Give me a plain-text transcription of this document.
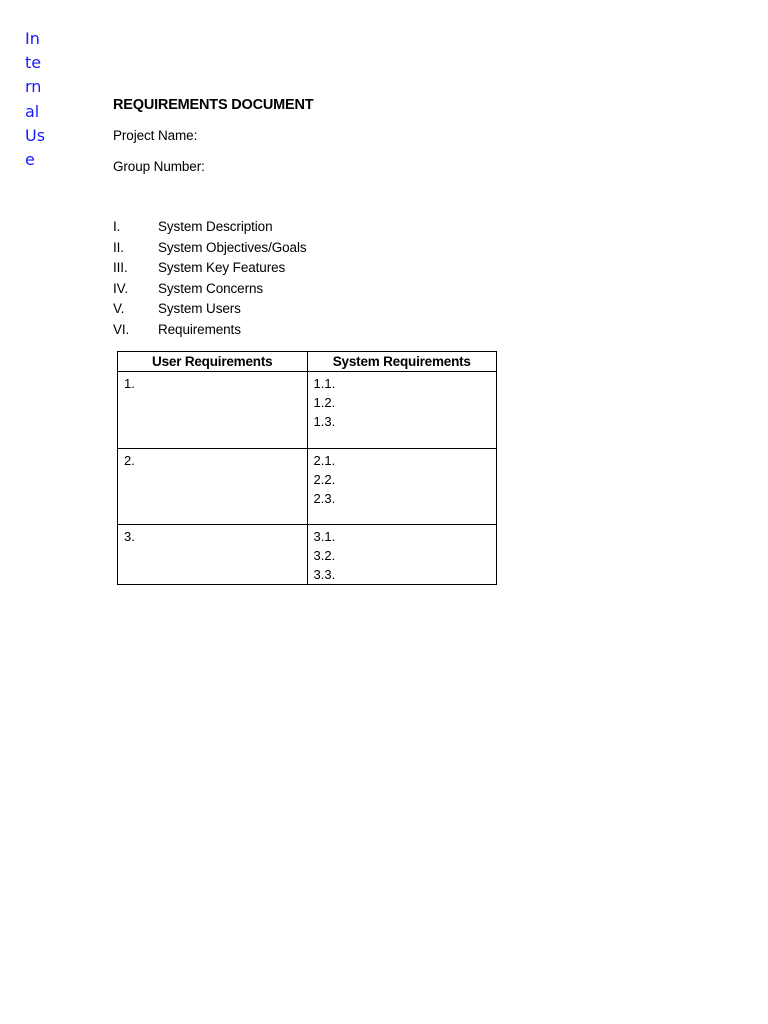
In
te
rn
al
Us
e
REQUIREMENTS DOCUMENT
Project Name:
Group Number:
I.	System Description
II.	System Objectives/Goals
III.	System Key Features
IV.	System Concerns
V.	System Users
VI.	Requirements
User Requirements	System Requirements
1.	1.1.
1.2.
1.3.

2.	2.1.
2.2.
2.3.

3.	3.1.
3.2.
3.3.
